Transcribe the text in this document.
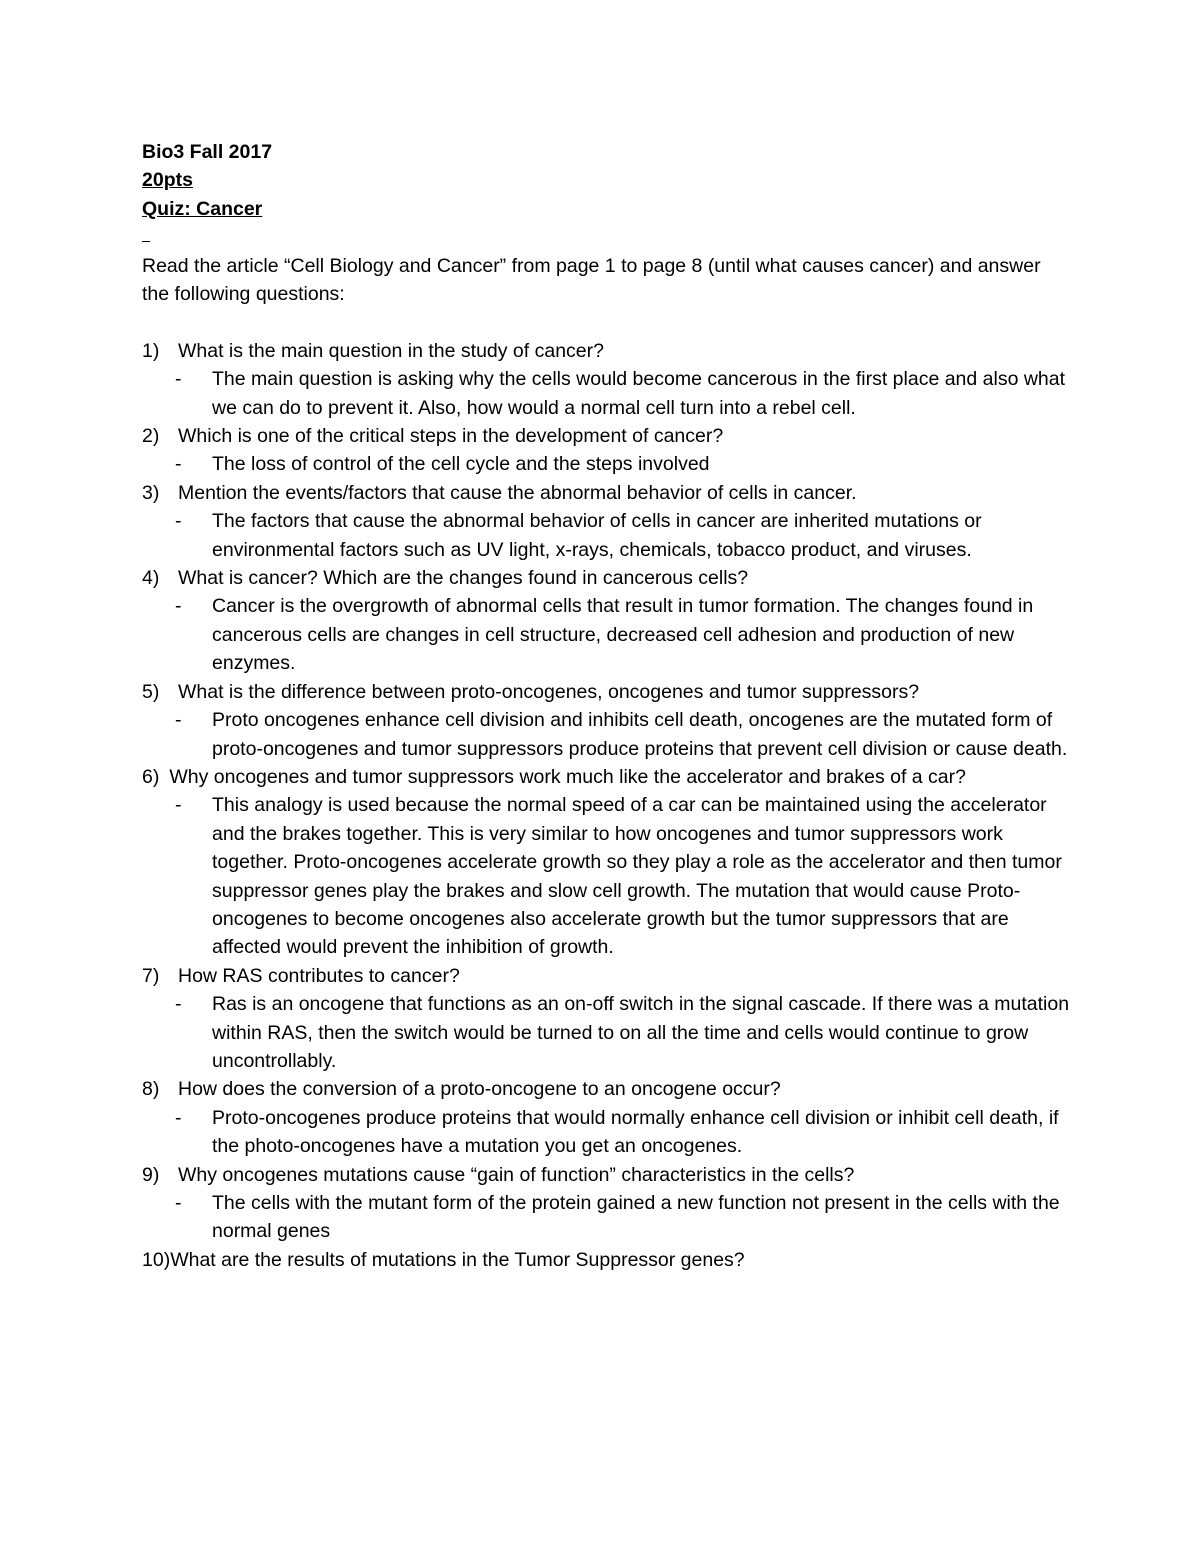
Bio3 Fall 2017
20pts
Quiz: Cancer
Read the article “Cell Biology and Cancer” from page 1 to page 8 (until what causes cancer) and answer the following questions:
1) What is the main question in the study of cancer?
- The main question is asking why the cells would become cancerous in the first place and also what we can do to prevent it. Also, how would a normal cell turn into a rebel cell.
2) Which is one of the critical steps in the development of cancer?
- The loss of control of the cell cycle and the steps involved
3) Mention the events/factors that cause the abnormal behavior of cells in cancer.
- The factors that cause the abnormal behavior of cells in cancer are inherited mutations or environmental factors such as UV light, x-rays, chemicals, tobacco product, and viruses.
4) What is cancer? Which are the changes found in cancerous cells?
- Cancer is the overgrowth of abnormal cells that result in tumor formation. The changes found in cancerous cells are changes in cell structure, decreased cell adhesion and production of new enzymes.
5) What is the difference between proto-oncogenes, oncogenes and tumor suppressors?
- Proto oncogenes enhance cell division and inhibits cell death, oncogenes are the mutated form of proto-oncogenes and tumor suppressors produce proteins that prevent cell division or cause death.
6) Why oncogenes and tumor suppressors work much like the accelerator and brakes of a car?
- This analogy is used because the normal speed of a car can be maintained using the accelerator and the brakes together. This is very similar to how oncogenes and tumor suppressors work together. Proto-oncogenes accelerate growth so they play a role as the accelerator and then tumor suppressor genes play the brakes and slow cell growth. The mutation that would cause Proto-oncogenes to become oncogenes also accelerate growth but the tumor suppressors that are affected would prevent the inhibition of growth.
7) How RAS contributes to cancer?
- Ras is an oncogene that functions as an on-off switch in the signal cascade. If there was a mutation within RAS, then the switch would be turned to on all the time and cells would continue to grow uncontrollably.
8) How does the conversion of a proto-oncogene to an oncogene occur?
- Proto-oncogenes produce proteins that would normally enhance cell division or inhibit cell death, if the photo-oncogenes have a mutation you get an oncogenes.
9) Why oncogenes mutations cause “gain of function” characteristics in the cells?
- The cells with the mutant form of the protein gained a new function not present in the cells with the normal genes
10)What are the results of mutations in the Tumor Suppressor genes?
